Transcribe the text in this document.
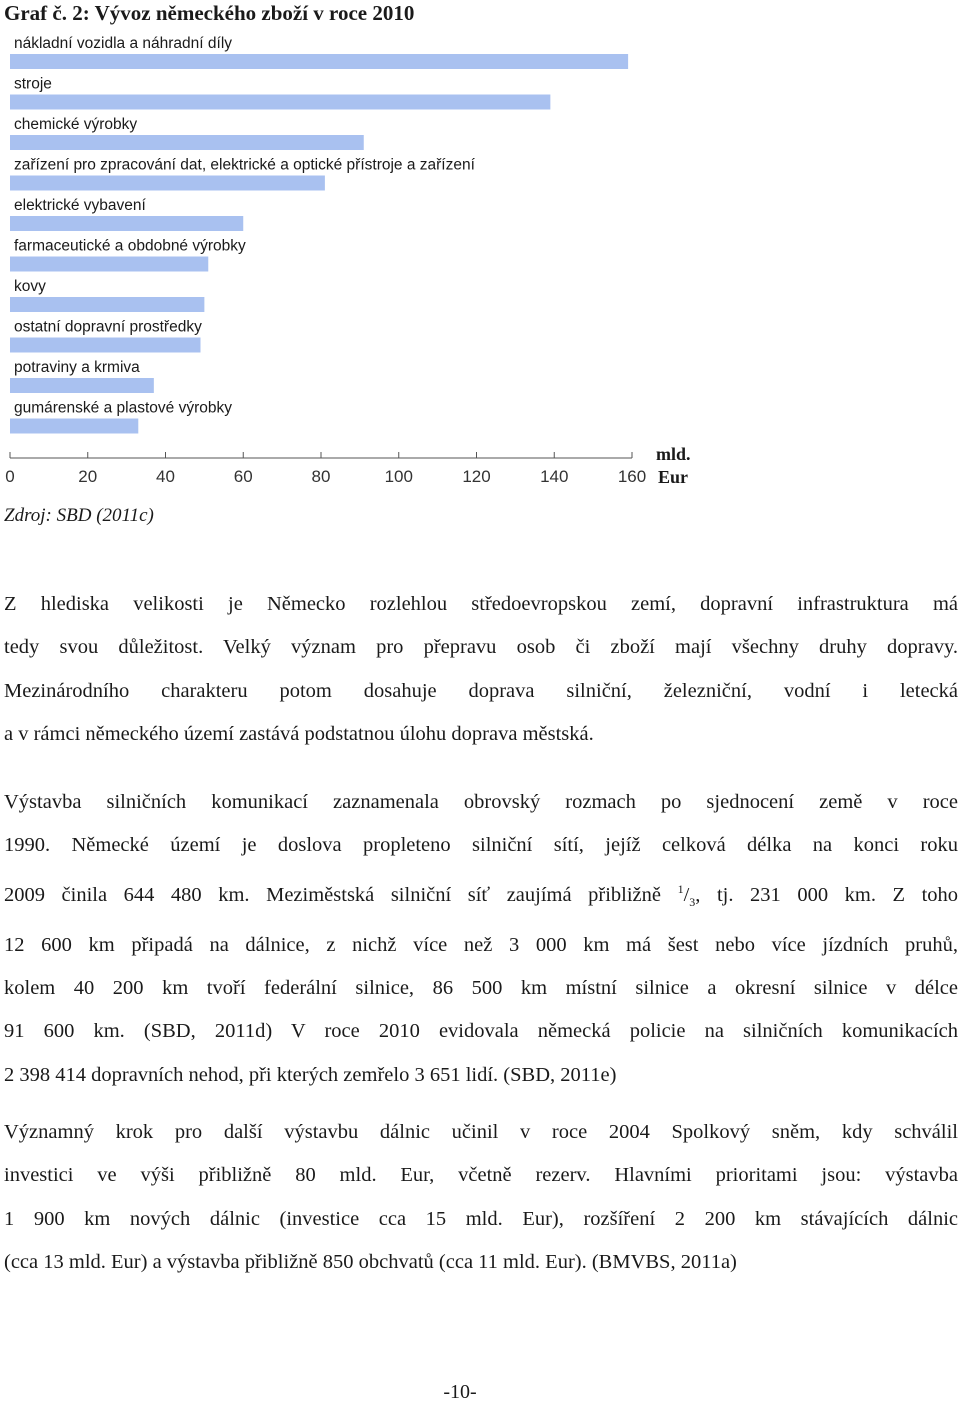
Graf č. 2: Vývoz německého zboží v roce 2010
nákladní vozidla a náhradní díly
stroje
chemické výrobky
zařízení pro zpracování dat, elektrické a optické přístroje a zařízení
elektrické vybavení
farmaceutické a obdobné výrobky
kovy
ostatní dopravní prostředky
potraviny a krmiva
gumárenské a plastové výrobky
0	20	40	60	80	100	120	140	160
mld.
Eur
Zdroj: SBD (2011c)
Z hlediska velikosti je Německo rozlehlou středoevropskou zemí, dopravní infrastruktura má
tedy svou důležitost. Velký význam pro přepravu osob či zboží mají všechny druhy dopravy.
Mezinárodního charakteru potom dosahuje doprava silniční, železniční, vodní i letecká
a v rámci německého území zastává podstatnou úlohu doprava městská.
Výstavba silničních komunikací zaznamenala obrovský rozmach po sjednocení země v roce
1990. Německé území je doslova propleteno silniční sítí, jejíž celková délka na konci roku
2009 činila 644 480 km. Meziměstská silniční síť zaujímá přibližně $^1/_3$, tj. 231 000 km. Z toho
12 600 km připadá na dálnice, z nichž více než 3 000 km má šest nebo více jízdních pruhů,
kolem 40 200 km tvoří federální silnice, 86 500 km místní silnice a okresní silnice v délce
91 600 km. (SBD, 2011d) V roce 2010 evidovala německá policie na silničních komunikacích
2 398 414 dopravních nehod, při kterých zemřelo 3 651 lidí. (SBD, 2011e)
Významný krok pro další výstavbu dálnic učinil v roce 2004 Spolkový sněm, kdy schválil
investici ve výši přibližně 80 mld. Eur, včetně rezerv. Hlavními prioritami jsou: výstavba
1 900 km nových dálnic (investice cca 15 mld. Eur), rozšíření 2 200 km stávajících dálnic
(cca 13 mld. Eur) a výstavba přibližně 850 obchvatů (cca 11 mld. Eur). (BMVBS, 2011a)
-10-
